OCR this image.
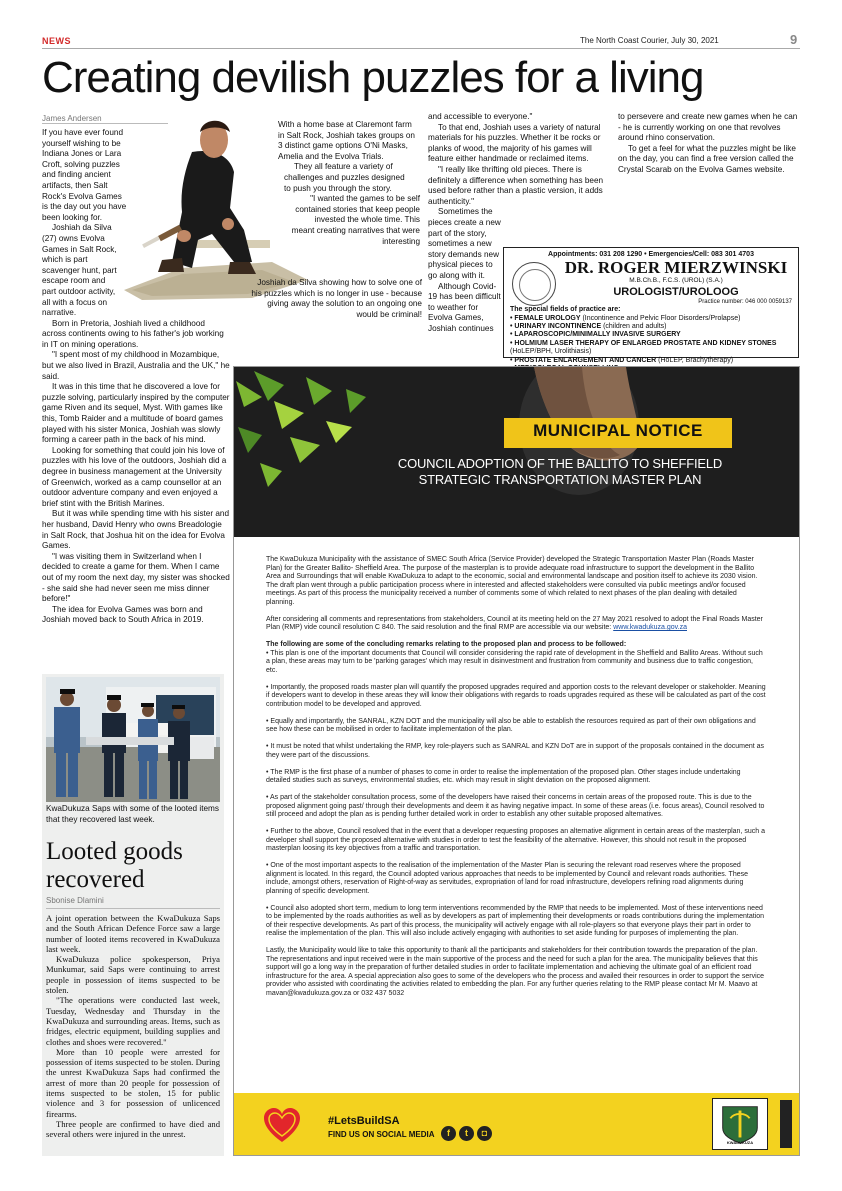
NEWS	The North Coast Courier, July 30, 2021	9
Creating devilish puzzles for a living
James Andersen

If you have ever found yourself wishing to be Indiana Jones or Lara Croft, solving puzzles and finding ancient artifacts, then Salt Rock's Evolva Games is the day out you have been looking for.

Joshiah da Silva (27) owns Evolva Games in Salt Rock, which is part scavenger hunt, part escape room and part outdoor activity, all with a focus on narrative.

Born in Pretoria, Joshiah lived a childhood across continents owing to his father's job working in IT on mining operations.

"I spent most of my childhood in Mozambique, but we also lived in Brazil, Australia and the UK," he said.

It was in this time that he discovered a love for puzzle solving, particularly inspired by the computer game Riven and its sequel, Myst. With games like this, Tomb Raider and a multitude of board games played with his sister Monica, Joshiah was slowly forming a career path in the back of his mind.

Looking for something that could join his love of puzzles with his love of the outdoors, Joshiah did a degree in business management at the University of Greenwich, worked as a camp counsellor at an outdoor adventure company and even enjoyed a brief stint with the British Marines.

But it was while spending time with his sister and her husband, David Henry who owns Breadologie in Salt Rock, that Joshua hit on the idea for Evolva Games.

"I was visiting them in Switzerland when I decided to create a game for them. When I came out of my room the next day, my sister was shocked - she said she had never seen me miss dinner before!"

The idea for Evolva Games was born and Joshiah moved back to South Africa in 2019.

With a home base at Claremont farm in Salt Rock, Joshiah takes groups on 3 distinct game options O'Ni Masks, Amelia and the Evolva Trials.

They all feature a variety of challenges and puzzles designed to push you through the story.

"I wanted the games to be self contained stories that keep people invested the whole time. This meant creating narratives that were interesting

Joshiah da Silva showing how to solve one of his puzzles which is no longer in use - because giving away the solution to an ongoing one would be criminal!

and accessible to everyone."

To that end, Joshiah uses a variety of natural materials for his puzzles. Whether it be rocks or planks of wood, the majority of his games will feature either handmade or reclaimed items.

"I really like thrifting old pieces. There is definitely a difference when something has been used before rather than a plastic version, it adds authenticity."

Sometimes the pieces create a new part of the story, sometimes a new story demands new physical pieces to go along with it.

Although Covid-19 has been difficult to weather for Evolva Games, Joshiah continues

to persevere and create new games when he can - he is currently working on one that revolves around rhino conservation.

To get a feel for what the puzzles might be like on the day, you can find a free version called the Crystal Scarab on the Evolva Games website.

Appointments: 031 208 1290 • Emergencies/Cell: 083 301 4703
DR. ROGER MIERZWINSKI
M.B.Ch.B., F.C.S. (UROL) (S.A.)
UROLOGIST/UROLOOG
Practice number: 046 000 0059137
The special fields of practice are:
• FEMALE UROLOGY (Incontinence and Pelvic Floor Disorders/Prolapse)
• URINARY INCONTINENCE (children and adults)
• LAPAROSCOPIC/MINIMALLY INVASIVE SURGERY
• HOLMIUM LASER THERAPY OF ENLARGED PROSTATE AND KIDNEY STONES (HoLEP/BPH, Urolithiasis)
• PROSTATE ENLARGEMENT AND CANCER (HoLEP, Brachytherapy)
KwaDukuza Saps with some of the looted items that they recovered last week.
Looted goods recovered
Sbonise Dlamini

A joint operation between the KwaDukuza Saps and the South African Defence Force saw a large number of looted items recovered in KwaDukuza last week.

KwaDukuza police spokesperson, Priya Munkumar, said Saps were continuing to arrest people in possession of items suspected to be stolen.

"The operations were conducted last week, Tuesday, Wednesday and Thursday in the KwaDukuza and surrounding areas. Items, such as fridges, electric equipment, building supplies and clothes and shoes were recovered."

More than 10 people were arrested for possession of items suspected to be stolen. During the unrest KwaDukuza Saps had confirmed the arrest of more than 20 people for possession of items suspected to be stolen, 15 for public violence and 3 for possession of unlicenced firearms.

Three people are confirmed to have died and several others were injured in the unrest.

MUNICIPAL NOTICE
COUNCIL ADOPTION OF THE BALLITO TO SHEFFIELD
STRATEGIC TRANSPORTATION MASTER PLAN

The KwaDukuza Municipality with the assistance of SMEC South Africa (Service Provider) developed the Strategic Transportation Master Plan (Roads Master Plan) for the Greater Ballito- Sheffield Area. The purpose of the masterplan is to provide adequate road infrastructure to support the development in the Ballito Area and Surroundings that will enable KwaDukuza to adapt to the economic, social and environmental landscape and position itself to achieve its 2030 vision. The draft plan went through a public participation process where in interested and affected stakeholders were consulted via public meetings and/or focused meetings. As part of this process the municipality received a number of comments some of which related to next phases of the plan dealing with detailed planning.

After considering all comments and representations from stakeholders, Council at its meeting held on the 27 May 2021 resolved to adopt the Final Roads Master Plan (RMP) vide council resolution C 840. The said resolution and the final RMP are accessible via our website: www.kwadukuza.gov.za

The following are some of the concluding remarks relating to the proposed plan and process to be followed:

• This plan is one of the important documents that Council will consider considering the rapid rate of development in the Sheffield and Ballito Areas. Without such a plan, these areas may turn to be 'parking garages' which may result in disinvestment and frustration from community and business due to traffic congestion, etc.

• Importantly, the proposed roads master plan will quantify the proposed upgrades required and apportion costs to the relevant developer or stakeholder. Meaning if developers want to develop in these areas they will know their obligations with regards to roads upgrades required as these will be calculated as part of the cost contribution model to be developed and approved.

• Equally and importantly, the SANRAL, KZN DOT and the municipality will also be able to establish the resources required as part of their own obligations and see how these can be mobilised in order to facilitate implementation of the plan.

• It must be noted that whilst undertaking the RMP, key role-players such as SANRAL and KZN DoT are in support of the proposals contained in the document as they were part of the discussions.

• The RMP is the first phase of a number of phases to come in order to realise the implementation of the proposed plan. Other stages include undertaking detailed studies such as surveys, environmental studies, etc. which may result in slight deviation on the proposed alignment.

• As part of the stakeholder consultation process, some of the developers have raised their concerns in certain areas of the proposed route. This is due to the proposed alignment going past/ through their developments and deem it as having negative impact. In some of these areas (i.e. focus areas), Council resolved to still proceed and adopt the plan as is pending further detailed work in order to establish any other suitable proposed alternatives.

• Further to the above, Council resolved that in the event that a developer requesting proposes an alternative alignment in certain areas of the masterplan, such a developer shall support the proposed alternative with studies in order to test the feasibility of the alternative. However, this should not result in the proposed masterplan loosing its key objectives from a traffic and transportation.

• One of the most important aspects to the realisation of the implementation of the Master Plan is securing the relevant road reserves where the proposed alignment is located. In this regard, the Council adopted various approaches that needs to be implemented by Council and relevant roads authorities. These include, amongst others, reservation of Right-of-way as servitudes, expropriation of land for road infrastructure, developers refining road alignments during planning of specific development.

• Council also adopted short term, medium to long term interventions recommended by the RMP that needs to be implemented. Most of these interventions need to be implemented by the roads authorities as well as by developers as part of implementing their developments or roads contributions during the implementation of their respective developments. As part of this process, the municipality will actively engage with all role-players so that everyone plays their part in order to realise the implementation of the plan. This will also include actively engaging with authorities to set aside funding for purposes of implementing the plan.

Lastly, the Municipality would like to take this opportunity to thank all the participants and stakeholders for their contribution towards the preparation of the plan. The representations and input received were in the main supportive of the process and the need for such a plan for the area. The municipality believes that this support will go a long way in the preparation of further detailed studies in order to facilitate implementation and achieving the ultimate goal of an efficient road infrastructure for the area. A special appreciation also goes to some of the developers who the process and availed their resources in order to support the service provider who assisted with coordinating the activities related to embedding the plan. For any further queries relating to the RMP please contact Mr M. Maavo at mavan@kwadukuza.gov.za or 032 437 5032

#LetsBuildSA
FIND US ON SOCIAL MEDIA	f	t	◘
KWADUKUZA
